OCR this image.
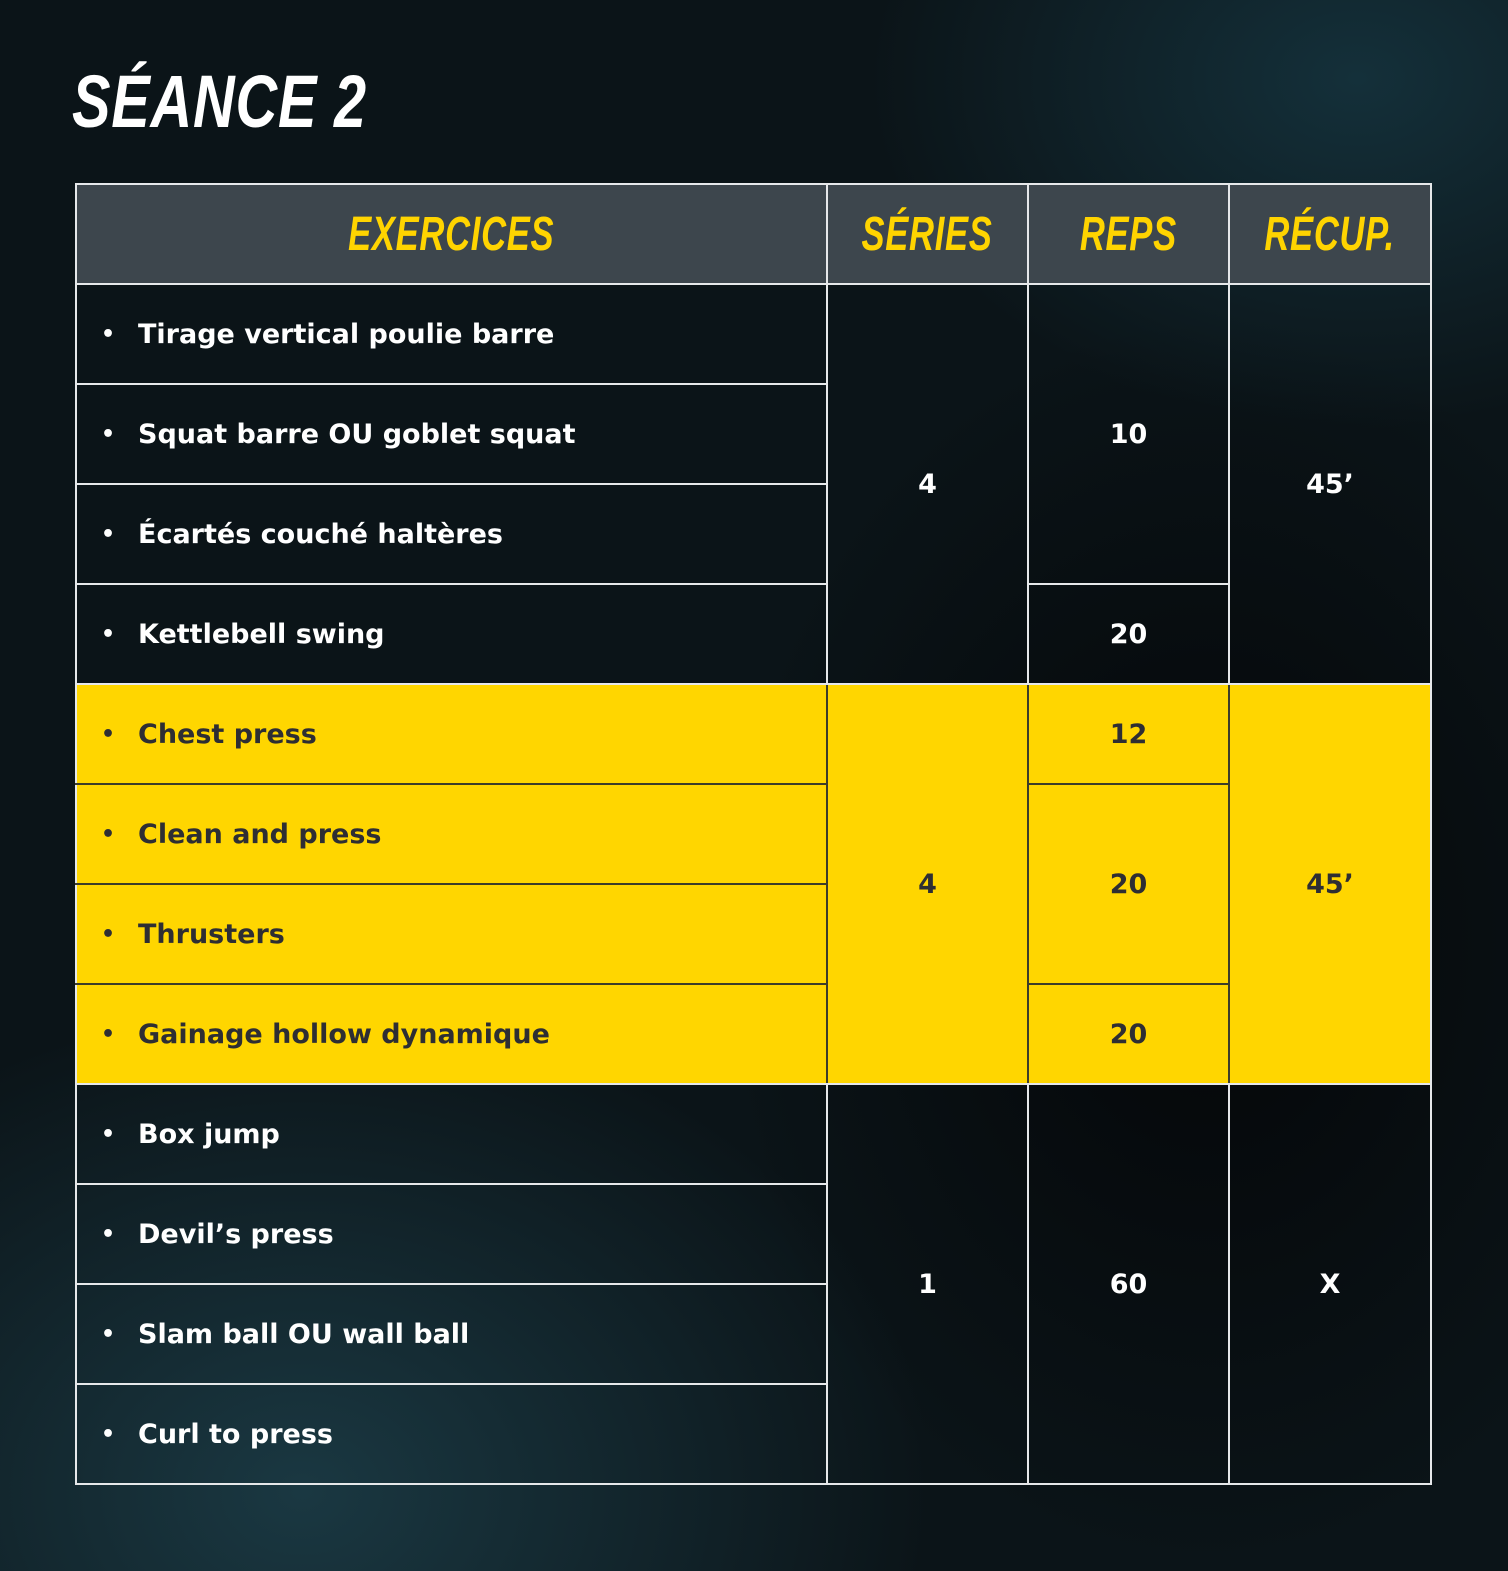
SÉANCE 2
EXERCICES	SÉRIES	REPS	RÉCUP.
• Tirage vertical poulie barre	4	10	45’
• Squat barre OU goblet squat			
• Écartés couché haltères			
• Kettlebell swing		20	
• Chest press	4	12	45’
• Clean and press		20	
• Thrusters			
• Gainage hollow dynamique		20	
• Box jump	1	60	X
• Devil’s press			
• Slam ball OU wall ball			
• Curl to press			
